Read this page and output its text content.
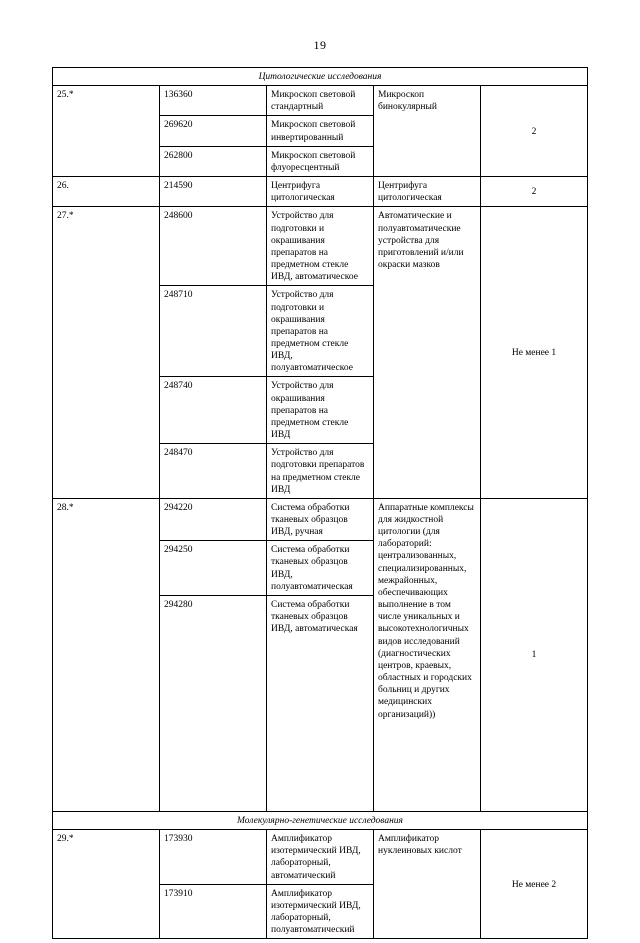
19
Цитологические исследования				
25.*	136360	Микроскоп световой стандартный	Микроскоп бинокулярный	2
	269620	Микроскоп световой инвертированный		
	262800	Микроскоп световой флуоресцентный		
26.	214590	Центрифуга цитологическая	Центрифуга цитологическая	2
27.*	248600	Устройство для подготовки и окрашивания препаратов на предметном стекле ИВД, автоматическое	Автоматические и полуавтоматические устройства для приготовлений и/или окраски мазков	Не менее 1
	248710	Устройство для подготовки и окрашивания препаратов на предметном стекле ИВД, полуавтоматическое		
	248740	Устройство для окрашивания препаратов на предметном стекле ИВД		
	248470	Устройство для подготовки препаратов на предметном стекле ИВД		
28.*	294220	Система обработки тканевых образцов ИВД, ручная	Аппаратные комплексы для жидкостной цитологии (для лабораторий: централизованных, специализированных, межрайонных, обеспечивающих выполнение в том числе уникальных и высокотехнологичных видов исследований (диагностических центров, краевых, областных и городских больниц и других медицинских организаций))	1
	294250	Система обработки тканевых образцов ИВД, полуавтоматическая		
	294280	Система обработки тканевых образцов ИВД, автоматическая		
Молекулярно-генетические исследования				
29.*	173930	Амплификатор изотермический ИВД, лабораторный, автоматический	Амплификатор нуклеиновых кислот	Не менее 2
	173910	Амплификатор изотермический ИВД, лабораторный, полуавтоматический		
